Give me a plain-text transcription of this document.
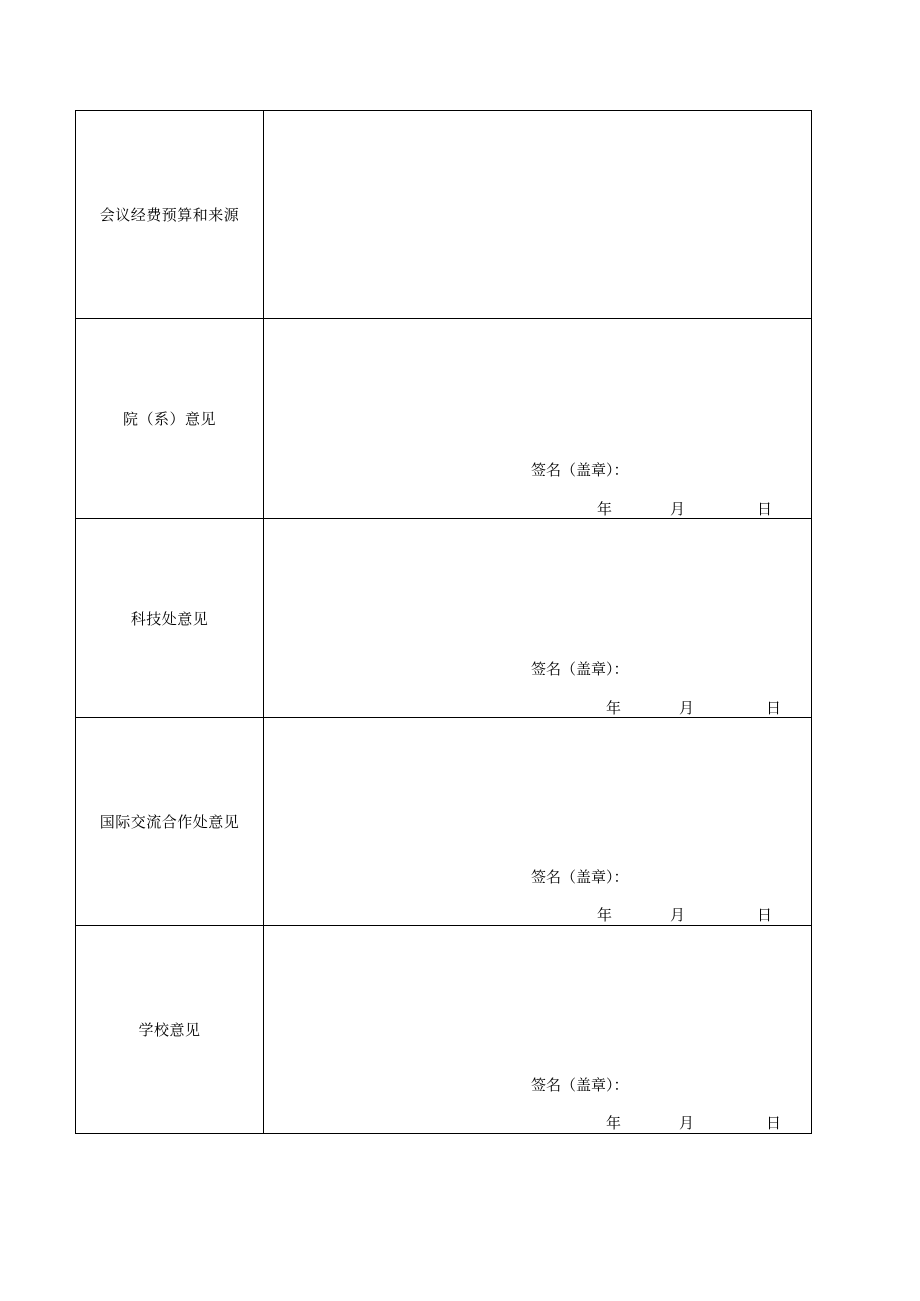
会议经费预算和来源	
院（系）意见	签名（盖章）：
年 月 日

科技处意见	签名（盖章）：
年 月 日

国际交流合作处意见	签名（盖章）：
年 月 日

学校意见	签名（盖章）：
年 月 日
